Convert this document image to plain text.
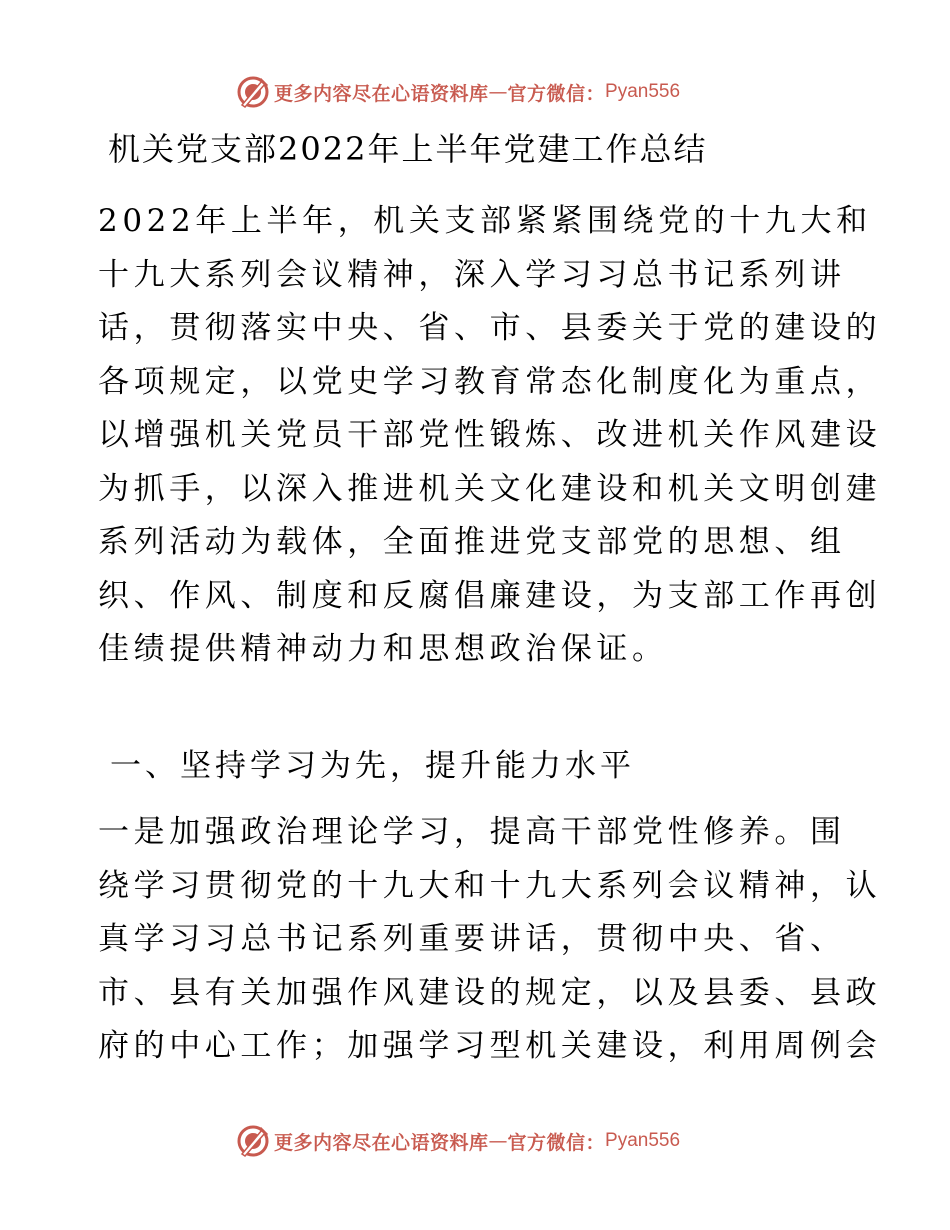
更多内容尽在心语资料库 — 官方微信： Pyan556
机关党支部2022年上半年党建工作总结
2022年上半年，机关支部紧紧围绕党的十九大和
十九大系列会议精神，深入学习习总书记系列讲
话，贯彻落实中央、省、市、县委关于党的建设的
各项规定，以党史学习教育常态化制度化为重点，
以增强机关党员干部党性锻炼、改进机关作风建设
为抓手，以深入推进机关文化建设和机关文明创建
系列活动为载体，全面推进党支部党的思想、组
织、作风、制度和反腐倡廉建设，为支部工作再创
佳绩提供精神动力和思想政治保证。
一、坚持学习为先，提升能力水平
一是加强政治理论学习，提高干部党性修养。围
绕学习贯彻党的十九大和十九大系列会议精神，认
真学习习总书记系列重要讲话，贯彻中央、省、
市、县有关加强作风建设的规定，以及县委、县政
府的中心工作；加强学习型机关建设，利用周例会
更多内容尽在心语资料库 — 官方微信： Pyan556
